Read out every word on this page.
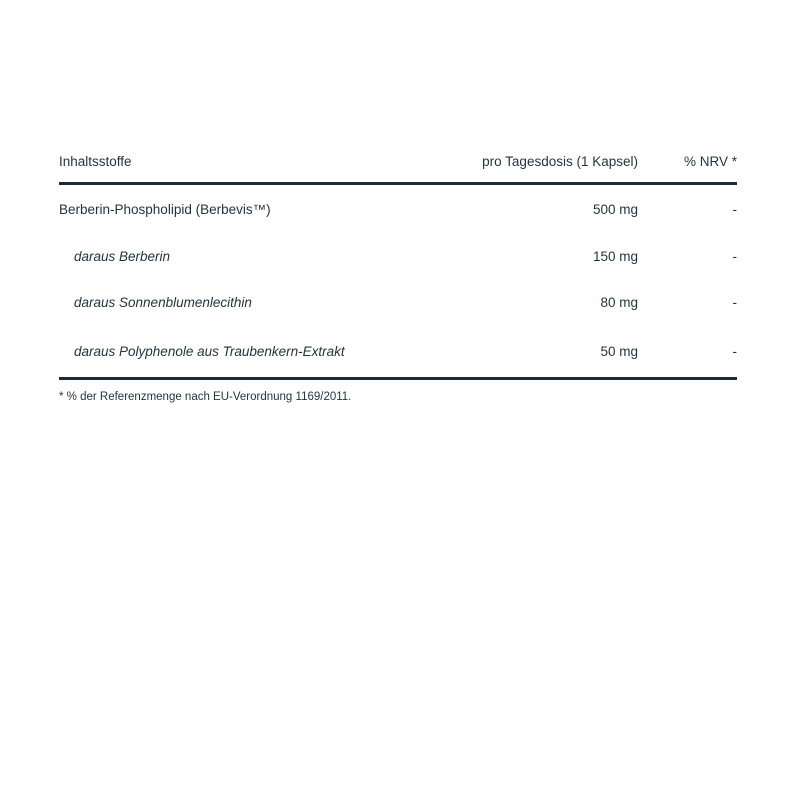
Inhaltsstoffe	pro Tagesdosis (1 Kapsel)	% NRV *
Berberin-Phospholipid (Berbevis™)	500 mg	-
daraus Berberin	150 mg	-
daraus Sonnenblumenlecithin	80 mg	-
daraus Polyphenole aus Traubenkern-Extrakt	50 mg	-
* % der Referenzmenge nach EU-Verordnung 1169/2011.
